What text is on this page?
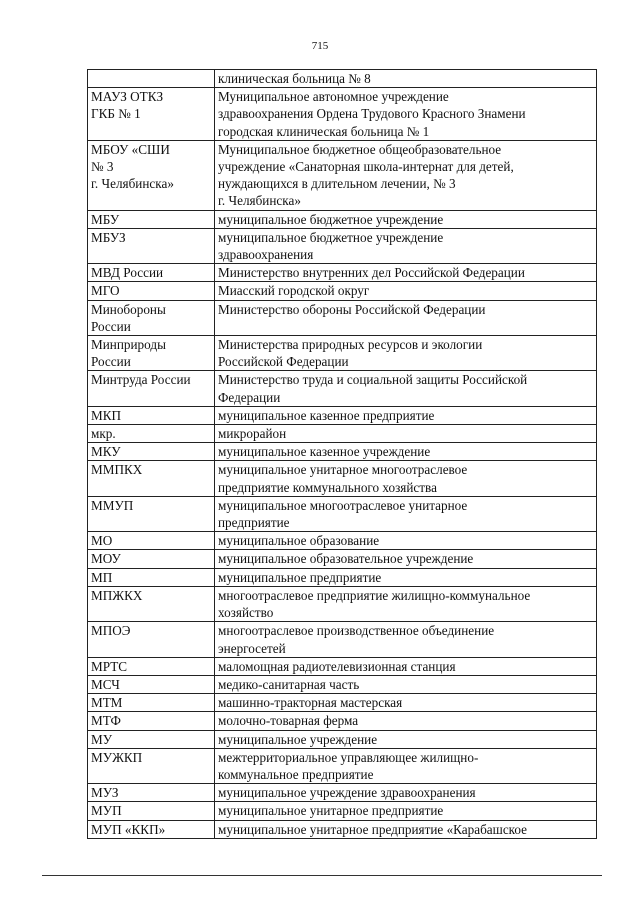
715

	клиническая больница № 8

МАУЗ ОТКЗ
ГКБ № 1	Муниципальное автономное учреждение
здравоохранения Ордена Трудового Красного Знамени
городская клиническая больница № 1

МБОУ «СШИ
№ 3
г. Челябинска»	Муниципальное бюджетное общеобразовательное
учреждение «Санаторная школа-интернат для детей,
нуждающихся в длительном лечении, № 3
г. Челябинска»

МБУ	муниципальное бюджетное учреждение

МБУЗ	муниципальное бюджетное учреждение
здравоохранения

МВД России	Министерство внутренних дел Российской Федерации

МГО	Миасский городской округ

Минобороны
России	Министерство обороны Российской Федерации

Минприроды
России	Министерства природных ресурсов и экологии
Российской Федерации

Минтруда России	Министерство труда и социальной защиты Российской
Федерации

МКП	муниципальное казенное предприятие

мкр.	микрорайон

МКУ	муниципальное казенное учреждение

ММПКХ	муниципальное унитарное многоотраслевое
предприятие коммунального хозяйства

ММУП	муниципальное многоотраслевое унитарное
предприятие

МО	муниципальное образование

МОУ	муниципальное образовательное учреждение

МП	муниципальное предприятие

МПЖКХ	многоотраслевое предприятие жилищно-коммунальное
хозяйство

МПОЭ	многоотраслевое производственное объединение
энергосетей

МРТС	маломощная радиотелевизионная станция

МСЧ	медико-санитарная часть

МТМ	машинно-тракторная мастерская

МТФ	молочно-товарная ферма

МУ	муниципальное учреждение

МУЖКП	межтерриториальное управляющее жилищно-
коммунальное предприятие

МУЗ	муниципальное учреждение здравоохранения

МУП	муниципальное унитарное предприятие

МУП «ККП»	муниципальное унитарное предприятие «Карабашское
